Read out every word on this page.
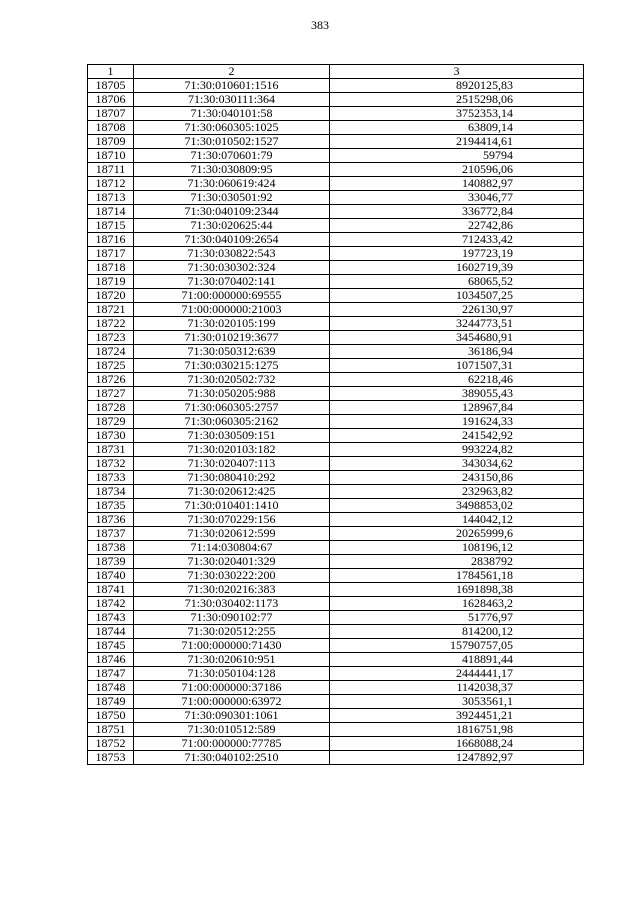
383
1	2	3
18705	71:30:010601:1516	8920125,83
18706	71:30:030111:364	2515298,06
18707	71:30:040101:58	3752353,14
18708	71:30:060305:1025	63809,14
18709	71:30:010502:1527	2194414,61
18710	71:30:070601:79	59794
18711	71:30:030809:95	210596,06
18712	71:30:060619:424	140882,97
18713	71:30:030501:92	33046,77
18714	71:30:040109:2344	336772,84
18715	71:30:020625:44	22742,86
18716	71:30:040109:2654	712433,42
18717	71:30:030822:543	197723,19
18718	71:30:030302:324	1602719,39
18719	71:30:070402:141	68065,52
18720	71:00:000000:69555	1034507,25
18721	71:00:000000:21003	226130,97
18722	71:30:020105:199	3244773,51
18723	71:30:010219:3677	3454680,91
18724	71:30:050312:639	36186,94
18725	71:30:030215:1275	1071507,31
18726	71:30:020502:732	62218,46
18727	71:30:050205:988	389055,43
18728	71:30:060305:2757	128967,84
18729	71:30:060305:2162	191624,33
18730	71:30:030509:151	241542,92
18731	71:30:020103:182	993224,82
18732	71:30:020407:113	343034,62
18733	71:30:080410:292	243150,86
18734	71:30:020612:425	232963,82
18735	71:30:010401:1410	3498853,02
18736	71:30:070229:156	144042,12
18737	71:30:020612:599	20265999,6
18738	71:14:030804:67	108196,12
18739	71:30:020401:329	2838792
18740	71:30:030222:200	1784561,18
18741	71:30:020216:383	1691898,38
18742	71:30:030402:1173	1628463,2
18743	71:30:090102:77	51776,97
18744	71:30:020512:255	814200,12
18745	71:00:000000:71430	15790757,05
18746	71:30:020610:951	418891,44
18747	71:30:050104:128	2444441,17
18748	71:00:000000:37186	1142038,37
18749	71:00:000000:63972	3053561,1
18750	71:30:090301:1061	3924451,21
18751	71:30:010512:589	1816751,98
18752	71:00:000000:77785	1668088,24
18753	71:30:040102:2510	1247892,97
